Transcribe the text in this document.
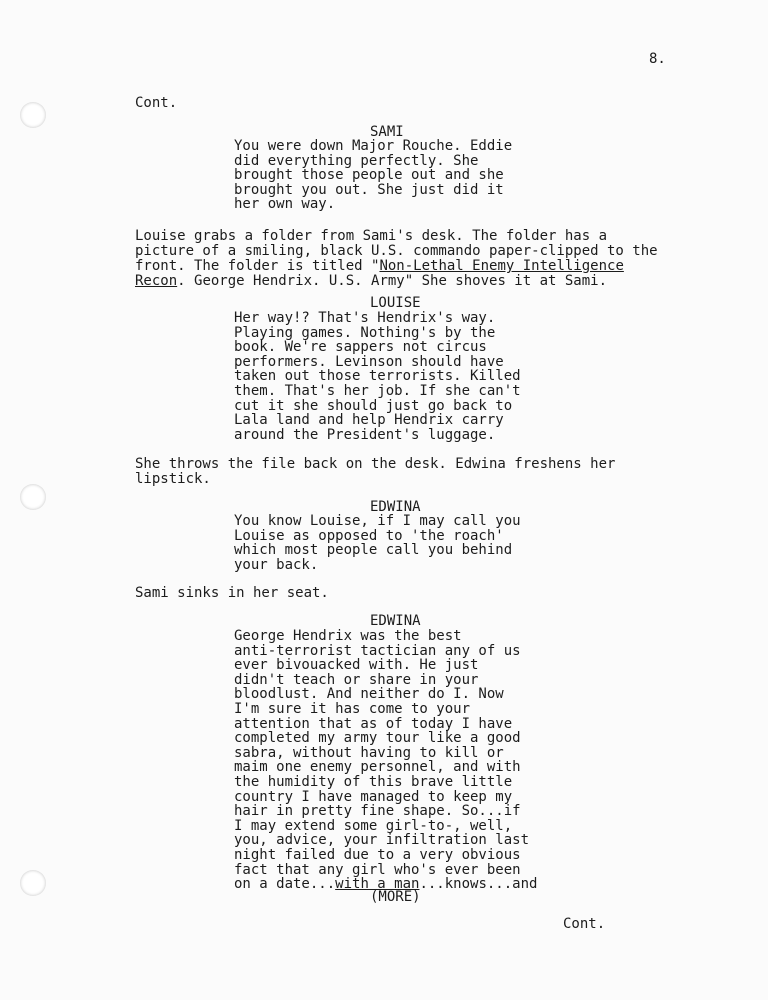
8.
Cont.
SAMI
You were down Major Rouche. Eddie
did everything perfectly. She
brought those people out and she
brought you out. She just did it
her own way.
Louise grabs a folder from Sami's desk. The folder has a
picture of a smiling, black U.S. commando paper-clipped to the
front. The folder is titled "Non-Lethal Enemy Intelligence
Recon. George Hendrix. U.S. Army" She shoves it at Sami.
LOUISE
Her way!? That's Hendrix's way.
Playing games. Nothing's by the
book. We're sappers not circus
performers. Levinson should have
taken out those terrorists. Killed
them. That's her job. If she can't
cut it she should just go back to
Lala land and help Hendrix carry
around the President's luggage.
She throws the file back on the desk. Edwina freshens her
lipstick.
EDWINA
You know Louise, if I may call you
Louise as opposed to 'the roach'
which most people call you behind
your back.
Sami sinks in her seat.
EDWINA
George Hendrix was the best
anti-terrorist tactician any of us
ever bivouacked with. He just
didn't teach or share in your
bloodlust. And neither do I. Now
I'm sure it has come to your
attention that as of today I have
completed my army tour like a good
sabra, without having to kill or
maim one enemy personnel, and with
the humidity of this brave little
country I have managed to keep my
hair in pretty fine shape. So...if
I may extend some girl-to-, well,
you, advice, your infiltration last
night failed due to a very obvious
fact that any girl who's ever been
on a date...with a man...knows...and
(MORE)
Cont.
